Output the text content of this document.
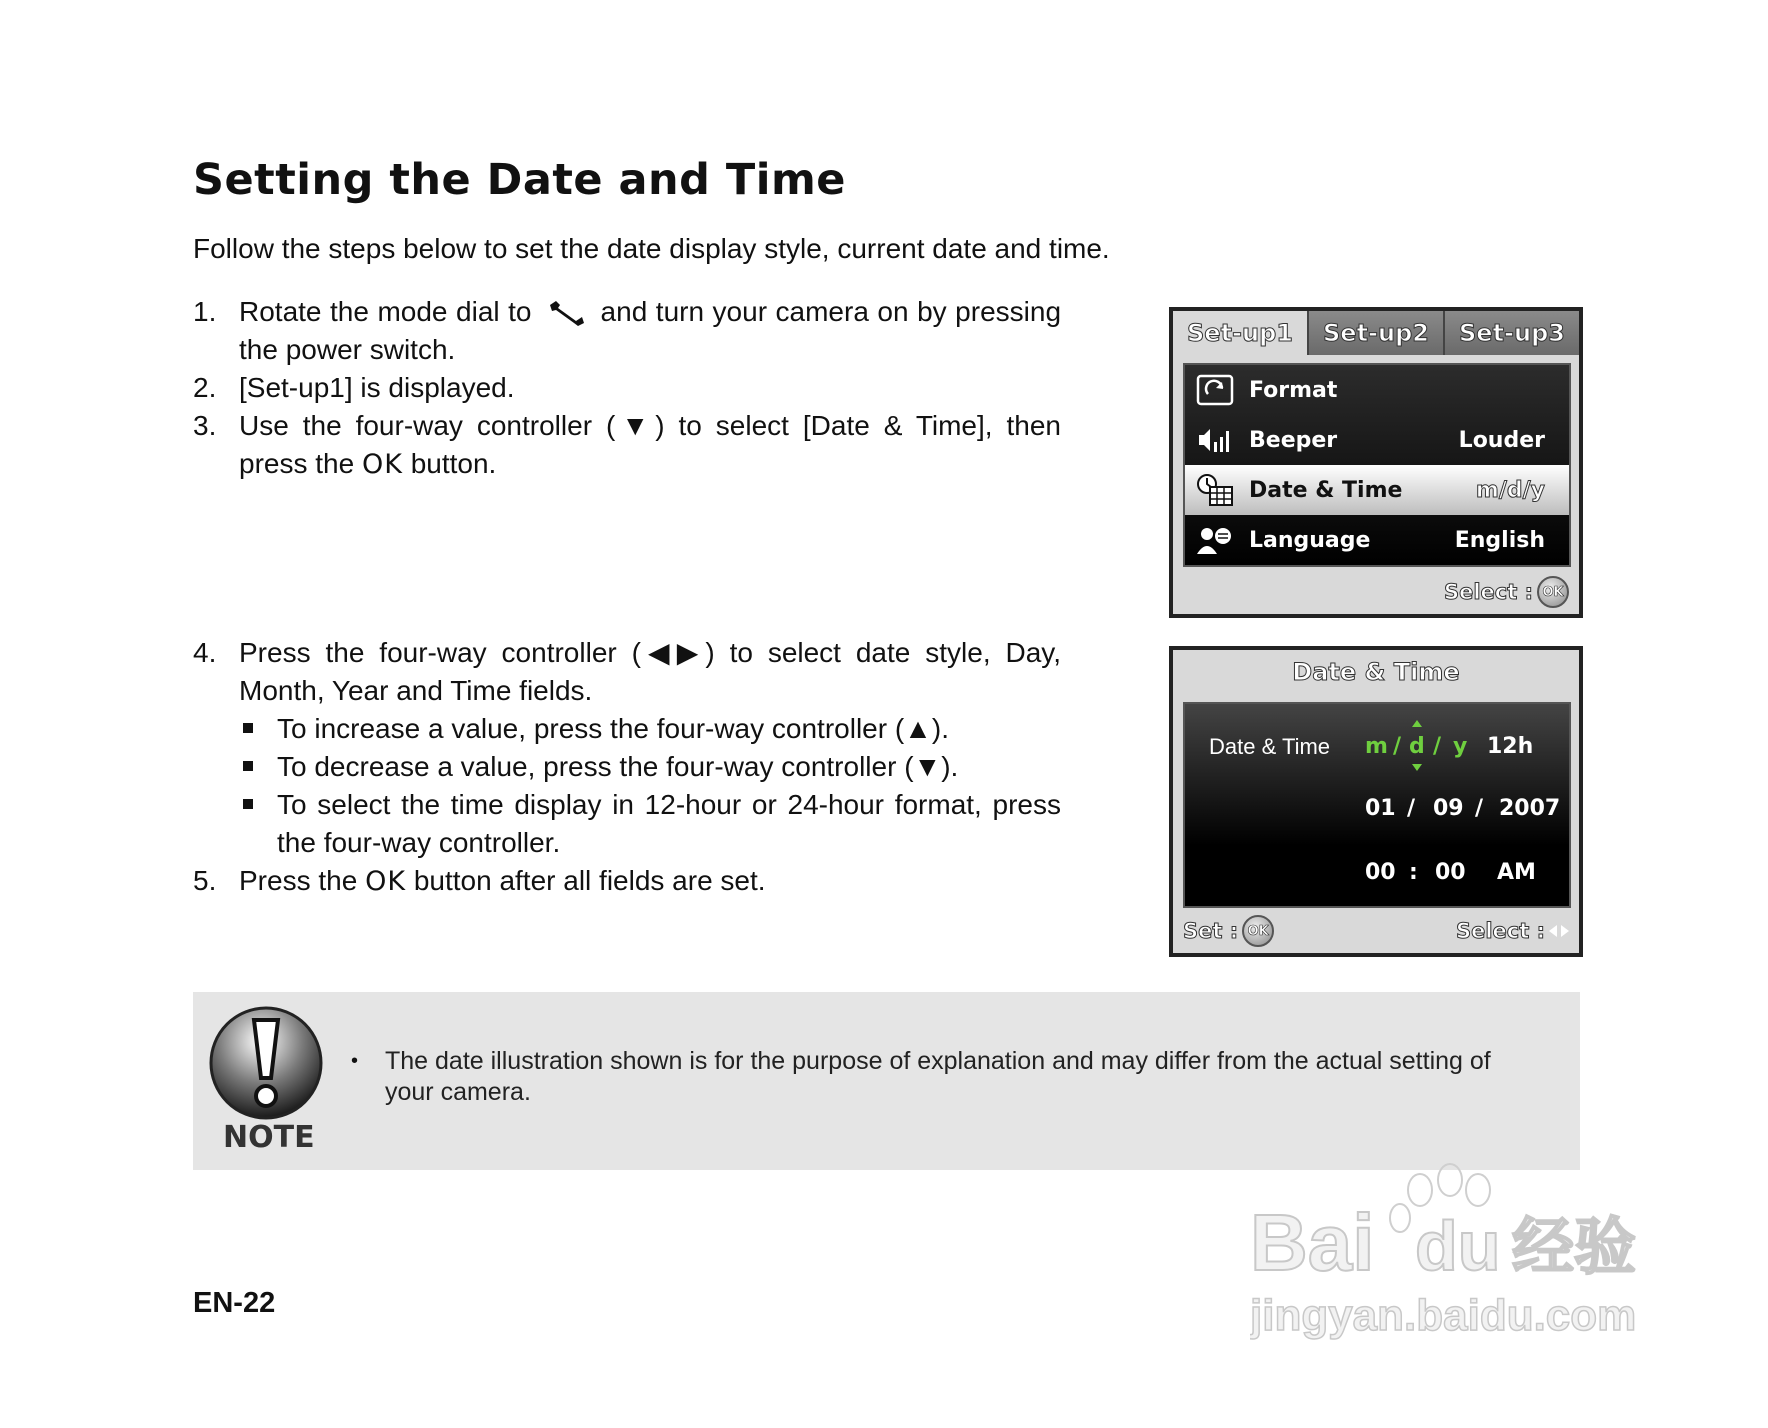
Setting the Date and Time

Follow the steps below to set the date display style, current date and time.

1. Rotate the mode dial to and turn your camera on by pressing the power switch.
2. [Set-up1] is displayed.
3. Use the four-way controller (▼) to select [Date & Time], then press the OK button.
4. Press the four-way controller (◀▶) to select date style, Day, Month, Year and Time fields.
To increase a value, press the four-way controller (▲).
To decrease a value, press the four-way controller (▼).
To select the time display in 12-hour or 24-hour format, press the four-way controller.
5. Press the OK button after all fields are set.
Set-up1	Set-up2	Set-up3
Format
Beeper	Louder
Date & Time	m/d/y
Language	English
Select : OK
Date & Time
Date & Time m / d / y 12h
01 / 09 / 2007
00 : 00 AM
Set : OK	Select :
NOTE
• The date illustration shown is for the purpose of explanation and may differ from the actual setting of your camera.
EN-22
Bai du 经验
jingyan.baidu.com
